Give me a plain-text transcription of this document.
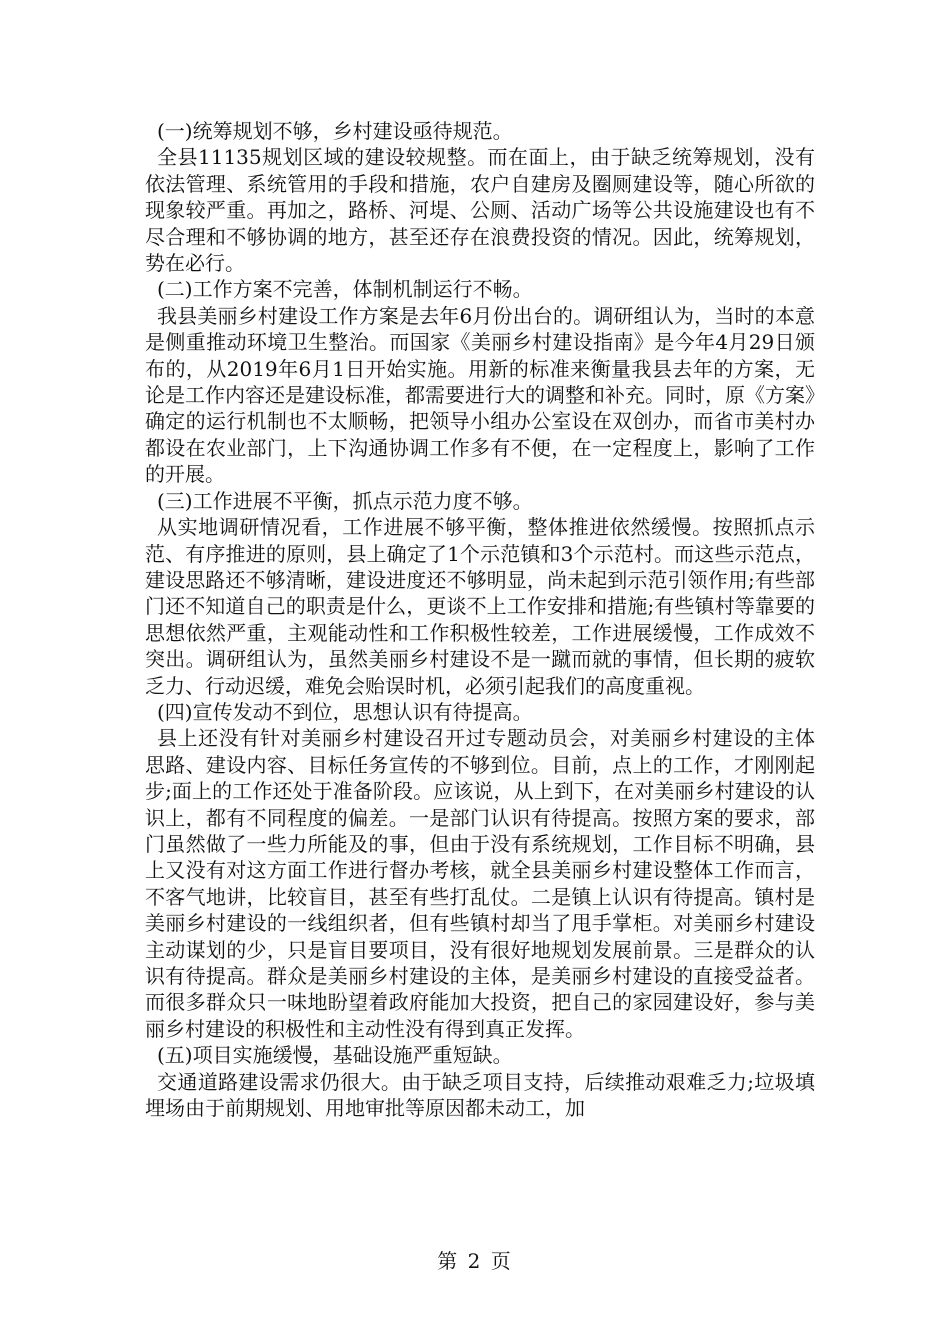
(一)统筹规划不够，乡村建设亟待规范。

全县11135规划区域的建设较规整。而在面上，由于缺乏统筹规划，没有依法管理、系统管用的手段和措施，农户自建房及圈厕建设等，随心所欲的现象较严重。再加之，路桥、河堤、公厕、活动广场等公共设施建设也有不尽合理和不够协调的地方，甚至还存在浪费投资的情况。因此，统筹规划，势在必行。

(二)工作方案不完善，体制机制运行不畅。

我县美丽乡村建设工作方案是去年6月份出台的。调研组认为，当时的本意是侧重推动环境卫生整治。而国家《美丽乡村建设指南》是今年4月29日颁布的，从2019年6月1日开始实施。用新的标准来衡量我县去年的方案，无论是工作内容还是建设标准，都需要进行大的调整和补充。同时，原《方案》确定的运行机制也不太顺畅，把领导小组办公室设在双创办，而省市美村办都设在农业部门，上下沟通协调工作多有不便，在一定程度上，影响了工作的开展。

(三)工作进展不平衡，抓点示范力度不够。

从实地调研情况看，工作进展不够平衡，整体推进依然缓慢。按照抓点示范、有序推进的原则，县上确定了1个示范镇和3个示范村。而这些示范点，建设思路还不够清晰，建设进度还不够明显，尚未起到示范引领作用;有些部门还不知道自己的职责是什么，更谈不上工作安排和措施;有些镇村等靠要的思想依然严重，主观能动性和工作积极性较差，工作进展缓慢，工作成效不突出。调研组认为，虽然美丽乡村建设不是一蹴而就的事情，但长期的疲软乏力、行动迟缓，难免会贻误时机，必须引起我们的高度重视。

(四)宣传发动不到位，思想认识有待提高。

县上还没有针对美丽乡村建设召开过专题动员会，对美丽乡村建设的主体思路、建设内容、目标任务宣传的不够到位。目前，点上的工作，才刚刚起步;面上的工作还处于准备阶段。应该说，从上到下，在对美丽乡村建设的认识上，都有不同程度的偏差。一是部门认识有待提高。按照方案的要求，部门虽然做了一些力所能及的事，但由于没有系统规划，工作目标不明确，县上又没有对这方面工作进行督办考核，就全县美丽乡村建设整体工作而言，不客气地讲，比较盲目，甚至有些打乱仗。二是镇上认识有待提高。镇村是美丽乡村建设的一线组织者，但有些镇村却当了甩手掌柜。对美丽乡村建设主动谋划的少，只是盲目要项目，没有很好地规划发展前景。三是群众的认识有待提高。群众是美丽乡村建设的主体，是美丽乡村建设的直接受益者。而很多群众只一味地盼望着政府能加大投资，把自己的家园建设好，参与美丽乡村建设的积极性和主动性没有得到真正发挥。

(五)项目实施缓慢，基础设施严重短缺。

交通道路建设需求仍很大。由于缺乏项目支持，后续推动艰难乏力;垃圾填埋场由于前期规划、用地审批等原因都未动工，加

第 2 页
